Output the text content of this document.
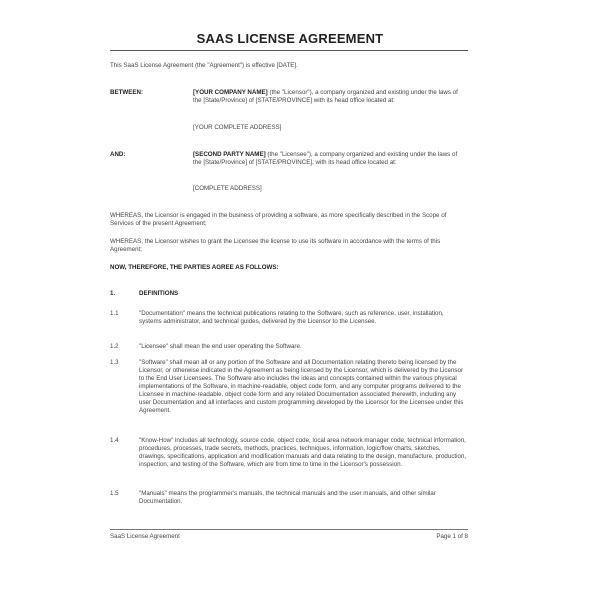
SAAS LICENSE AGREEMENT
This SaaS License Agreement (the "Agreement") is effective [DATE].
BETWEEN:	[YOUR COMPANY NAME] (the "Licensor"), a company organized and existing under the laws of the [State/Province] of [STATE/PROVINCE] with its head office located at:
[YOUR COMPLETE ADDRESS]
AND:	[SECOND PARTY NAME] (the "Licensee"), a company organized and existing under the laws of the [State/Province] of [STATE/PROVINCE], with its head office located at:
[COMPLETE ADDRESS]
WHEREAS, the Licensor is engaged in the business of providing a software, as more specifically described in the Scope of Services of the present Agreement;
WHEREAS, the Licensor wishes to grant the Licensee the license to use its software in accordance with the terms of this Agreement;
NOW, THEREFORE, THE PARTIES AGREE AS FOLLOWS:
1.	DEFINITIONS
1.1	"Documentation" means the technical publications relating to the Software, such as reference, user, installation, systems administrator, and technical guides, delivered by the Licensor to the Licensee.
1.2	"Licensee" shall mean the end user operating the Software.
1.3	"Software" shall mean all or any portion of the Software and all Documentation relating thereto being licensed by the Licensor, or otherwise indicated in the Agreement as being licensed by the Licensor, which is delivered by the Licensor to the End User Licensees. The Software also includes the ideas and concepts contained within the various physical implementations of the Software, in machine-readable, object code form, and any computer programs delivered to the Licensee in machine-readable, object code form and any related Documentation associated therewith, including any user Documentation and all interfaces and custom programming developed by the Licensor for the Licensee under this Agreement.
1.4	"Know-How" includes all technology, source code, object code, local area network manager code, technical information, procedures, processes, trade secrets, methods, practices, techniques, information, logic/flow charts, sketches, drawings, specifications, application and modification manuals and data relating to the design, manufacture, production, inspection, and testing of the Software, which are from time to time in the Licensor's possession.
1.5	"Manuals" means the programmer's manuals, the technical manuals and the user manuals, and other similar Documentation.
SaaS License Agreement	Page 1 of 8
